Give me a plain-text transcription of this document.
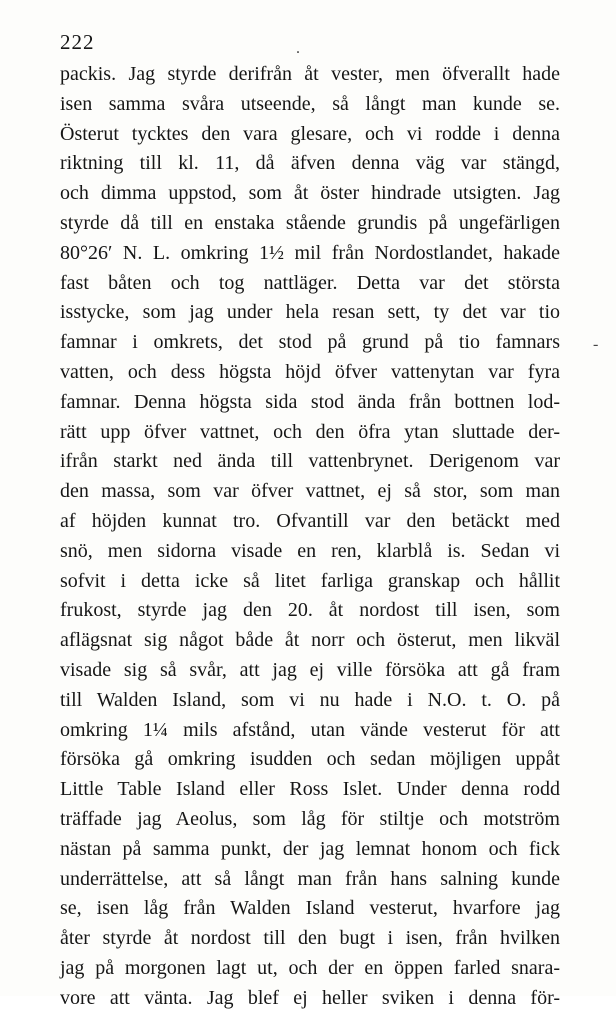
222
packis. Jag styrde derifrån åt vester, men öfverallt hade
isen samma svåra utseende, så långt man kunde se.
Österut tycktes den vara glesare, och vi rodde i denna
riktning till kl. 11, då äfven denna väg var stängd,
och dimma uppstod, som åt öster hindrade utsigten. Jag
styrde då till en enstaka stående grundis på ungefärligen
80°26′ N. L. omkring 1½ mil från Nordostlandet, hakade
fast båten och tog nattläger. Detta var det största
isstycke, som jag under hela resan sett, ty det var tio
famnar i omkrets, det stod på grund på tio famnars
vatten, och dess högsta höjd öfver vattenytan var fyra
famnar. Denna högsta sida stod ända från bottnen lod-
rätt upp öfver vattnet, och den öfra ytan sluttade der-
ifrån starkt ned ända till vattenbrynet. Derigenom var
den massa, som var öfver vattnet, ej så stor, som man
af höjden kunnat tro. Ofvantill var den betäckt med
snö, men sidorna visade en ren, klarblå is. Sedan vi
sofvit i detta icke så litet farliga granskap och hållit
frukost, styrde jag den 20. åt nordost till isen, som
aflägsnat sig något både åt norr och österut, men likväl
visade sig så svår, att jag ej ville försöka att gå fram
till Walden Island, som vi nu hade i N.O. t. O. på
omkring 1¼ mils afstånd, utan vände vesterut för att
försöka gå omkring isudden och sedan möjligen uppåt
Little Table Island eller Ross Islet. Under denna rodd
träffade jag Aeolus, som låg för stiltje och motström
nästan på samma punkt, der jag lemnat honom och fick
underrättelse, att så långt man från hans salning kunde
se, isen låg från Walden Island vesterut, hvarfore jag
åter styrde åt nordost till den bugt i isen, från hvilken
jag på morgonen lagt ut, och der en öppen farled snara-
vore att vänta. Jag blef ej heller sviken i denna för-
-
.
